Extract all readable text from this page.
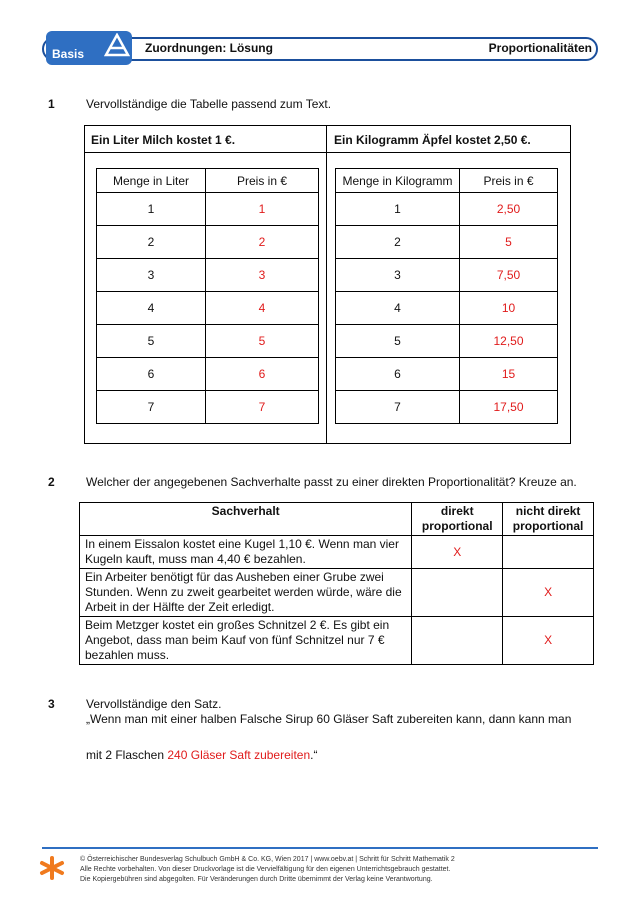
Basis	Zuordnungen: Lösung	Proportionalitäten
1	Vervollständige die Tabelle passend zum Text.
Ein Liter Milch kostet 1 €.	Ein Kilogramm Äpfel kostet 2,50 €.
Menge in Liter	Preis in €
1	1
2	2
3	3
4	4
5	5
6	6
7	7
Menge in Kilogramm	Preis in €
1	2,50
2	5
3	7,50
4	10
5	12,50
6	15
7	17,50
2	Welcher der angegebenen Sachverhalte passt zu einer direkten Proportionalität? Kreuze an.
Sachverhalt	direkt proportional	nicht direkt proportional
In einem Eissalon kostet eine Kugel 1,10 €. Wenn man vier Kugeln kauft, muss man 4,40 € bezahlen.	X	
Ein Arbeiter benötigt für das Ausheben einer Grube zwei Stunden. Wenn zu zweit gearbeitet werden würde, wäre die Arbeit in der Hälfte der Zeit erledigt.		X
Beim Metzger kostet ein großes Schnitzel 2 €. Es gibt ein Angebot, dass man beim Kauf von fünf Schnitzel nur 7 € bezahlen muss.		X
3	Vervollständige den Satz.
„Wenn man mit einer halben Falsche Sirup 60 Gläser Saft zubereiten kann, dann kann man
mit 2 Flaschen 240 Gläser Saft zubereiten.“
© Österreichischer Bundesverlag Schulbuch GmbH & Co. KG, Wien 2017 | www.oebv.at | Schritt für Schritt Mathematik 2
Alle Rechte vorbehalten. Von dieser Druckvorlage ist die Vervielfältigung für den eigenen Unterrichtsgebrauch gestattet.
Die Kopiergebühren sind abgegolten. Für Veränderungen durch Dritte übernimmt der Verlag keine Verantwortung.
